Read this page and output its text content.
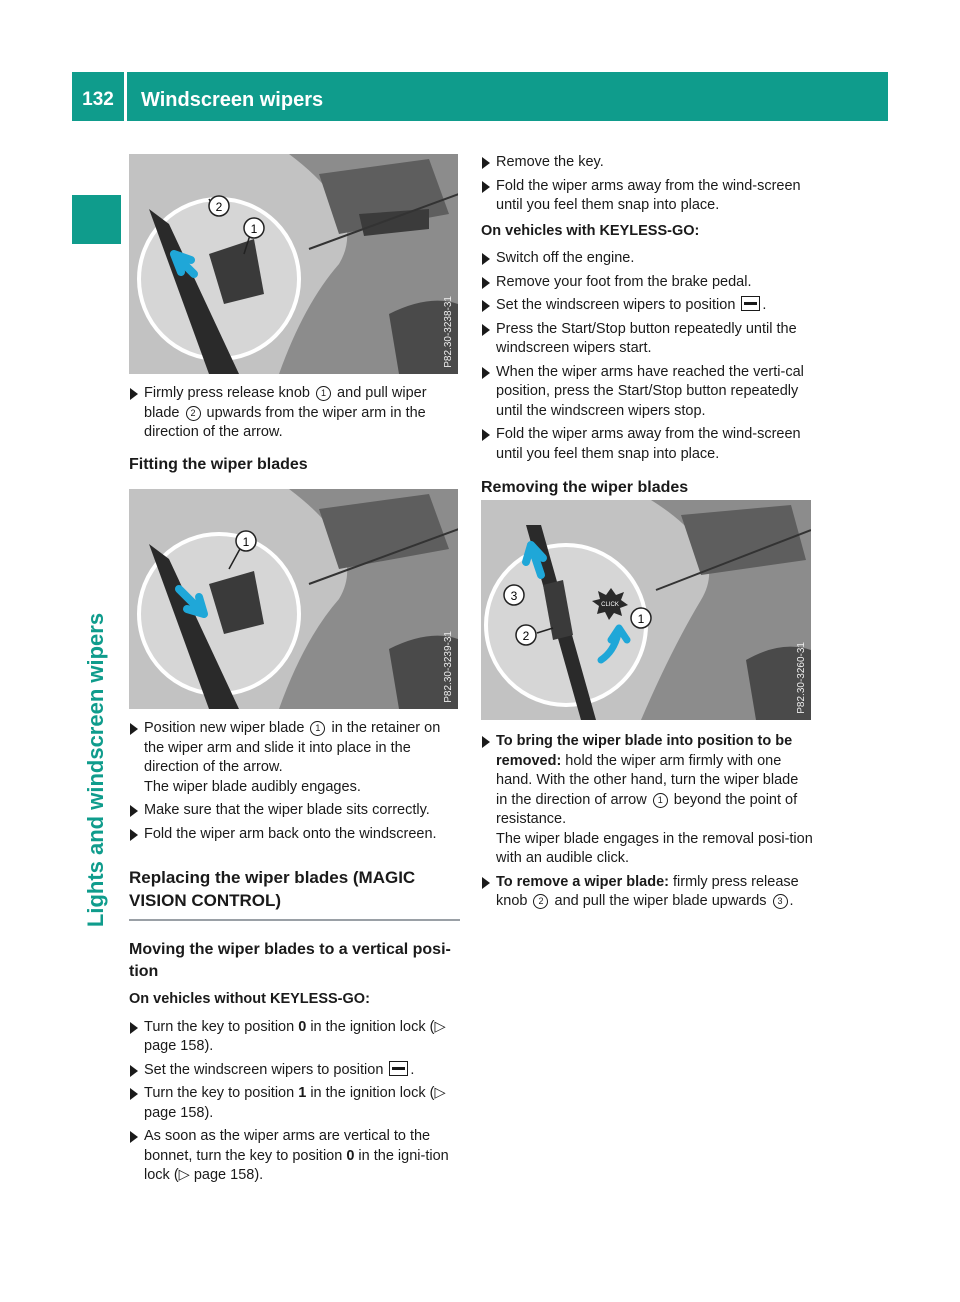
132	Windscreen wipers
Lights and windscreen wipers
1
2
P82.30-3238-31
1
P82.30-3239-31
CLICK
3
2
1
P82.30-3260-31
Firmly press release knob 1 and pull wiper blade 2 upwards from the wiper arm in the direction of the arrow.
Fitting the wiper blades
Position new wiper blade 1 in the retainer on the wiper arm and slide it into place in the direction of the arrow.
The wiper blade audibly engages.
Make sure that the wiper blade sits correctly.
Fold the wiper arm back onto the windscreen.
Replacing the wiper blades (MAGIC VISION CONTROL)
Moving the wiper blades to a vertical posi-tion
On vehicles without KEYLESS-GO:
Turn the key to position 0 in the ignition lock (▷ page 158).
Set the windscreen wipers to position .
Turn the key to position 1 in the ignition lock (▷ page 158).
As soon as the wiper arms are vertical to the bonnet, turn the key to position 0 in the igni-tion lock (▷ page 158).
Remove the key.
Fold the wiper arms away from the wind-screen until you feel them snap into place.
On vehicles with KEYLESS-GO:
Switch off the engine.
Remove your foot from the brake pedal.
Set the windscreen wipers to position .
Press the Start/Stop button repeatedly until the windscreen wipers start.
When the wiper arms have reached the verti-cal position, press the Start/Stop button repeatedly until the windscreen wipers stop.
Fold the wiper arms away from the wind-screen until you feel them snap into place.
Removing the wiper blades
To bring the wiper blade into position to be removed: hold the wiper arm firmly with one hand. With the other hand, turn the wiper blade in the direction of arrow 1 beyond the point of resistance.
The wiper blade engages in the removal posi-tion with an audible click.
To remove a wiper blade: firmly press release knob 2 and pull the wiper blade upwards 3 .
